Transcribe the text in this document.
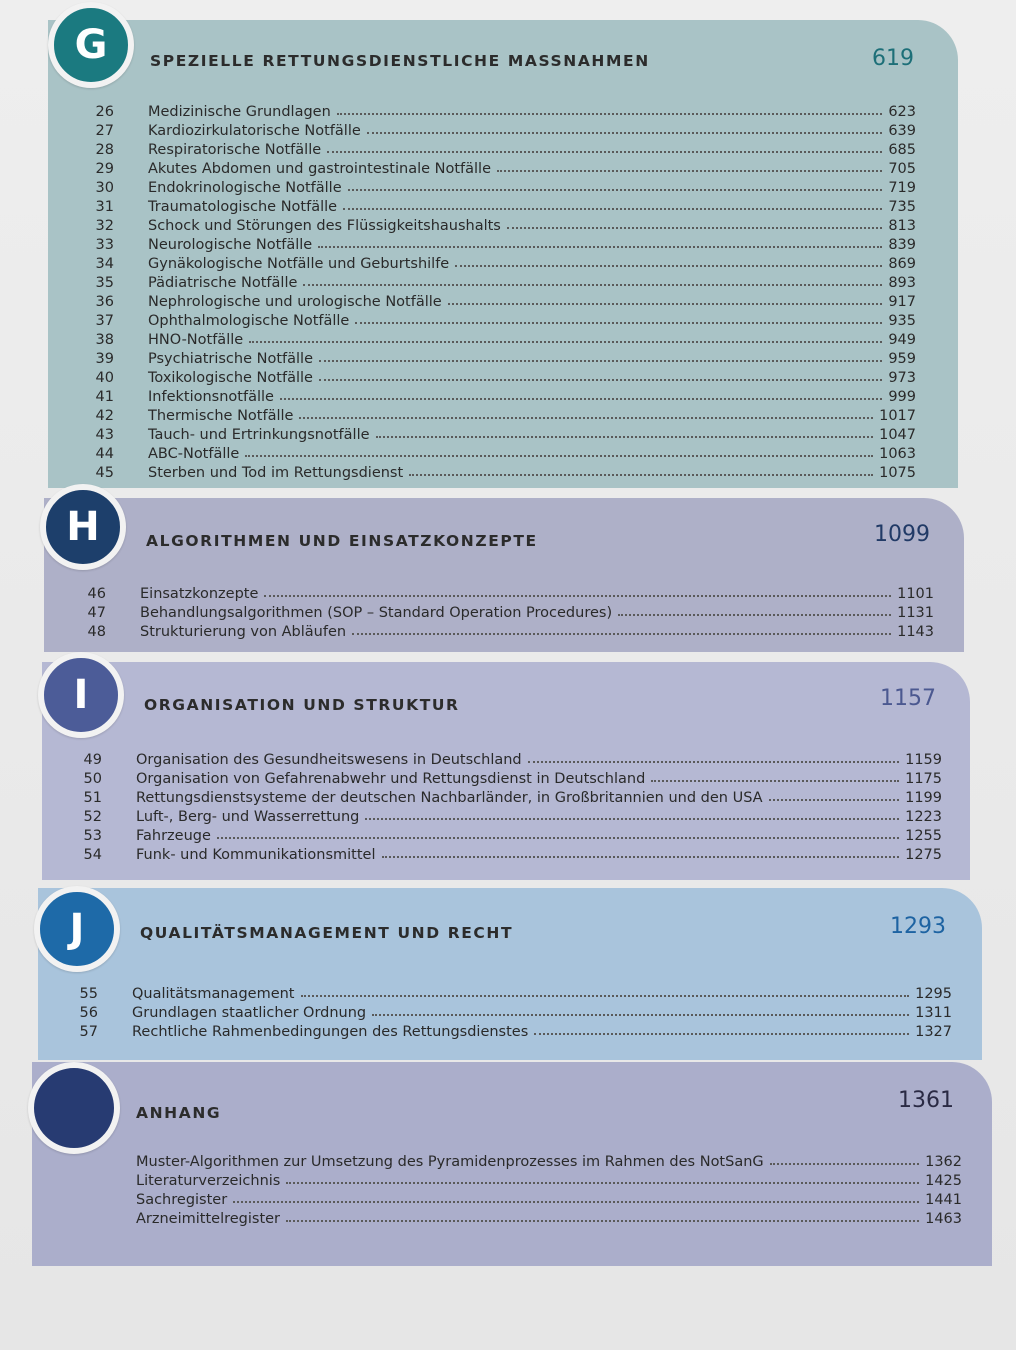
SPEZIELLE RETTUNGSDIENSTLICHE MASSNAHMEN	619
26 Medizinische Grundlagen	623
27 Kardiozirkulatorische Notfälle	639
28 Respiratorische Notfälle	685
29 Akutes Abdomen und gastrointestinale Notfälle	705
30 Endokrinologische Notfälle	719
31 Traumatologische Notfälle	735
32 Schock und Störungen des Flüssigkeitshaushalts	813
33 Neurologische Notfälle	839
34 Gynäkologische Notfälle und Geburtshilfe	869
35 Pädiatrische Notfälle	893
36 Nephrologische und urologische Notfälle	917
37 Ophthalmologische Notfälle	935
38 HNO-Notfälle	949
39 Psychiatrische Notfälle	959
40 Toxikologische Notfälle	973
41 Infektionsnotfälle	999
42 Thermische Notfälle	1017
43 Tauch- und Ertrinkungsnotfälle	1047
44 ABC-Notfälle	1063
45 Sterben und Tod im Rettungsdienst	1075
G
ALGORITHMEN UND EINSATZKONZEPTE	1099
46 Einsatzkonzepte	1101
47 Behandlungsalgorithmen (SOP – Standard Operation Procedures)	1131
48 Strukturierung von Abläufen	1143
H
ORGANISATION UND STRUKTUR	1157
49 Organisation des Gesundheitswesens in Deutschland	1159
50 Organisation von Gefahrenabwehr und Rettungsdienst in Deutschland	1175
51 Rettungsdienstsysteme der deutschen Nachbarländer, in Großbritannien und den USA	1199
52 Luft-, Berg- und Wasserrettung	1223
53 Fahrzeuge	1255
54 Funk- und Kommunikationsmittel	1275
I
QUALITÄTSMANAGEMENT UND RECHT	1293
55 Qualitätsmanagement	1295
56 Grundlagen staatlicher Ordnung	1311
57 Rechtliche Rahmenbedingungen des Rettungsdienstes	1327
J
ANHANG	1361
Muster-Algorithmen zur Umsetzung des Pyramidenprozesses im Rahmen des NotSanG	1362
Literaturverzeichnis	1425
Sachregister	1441
Arzneimittelregister	1463
